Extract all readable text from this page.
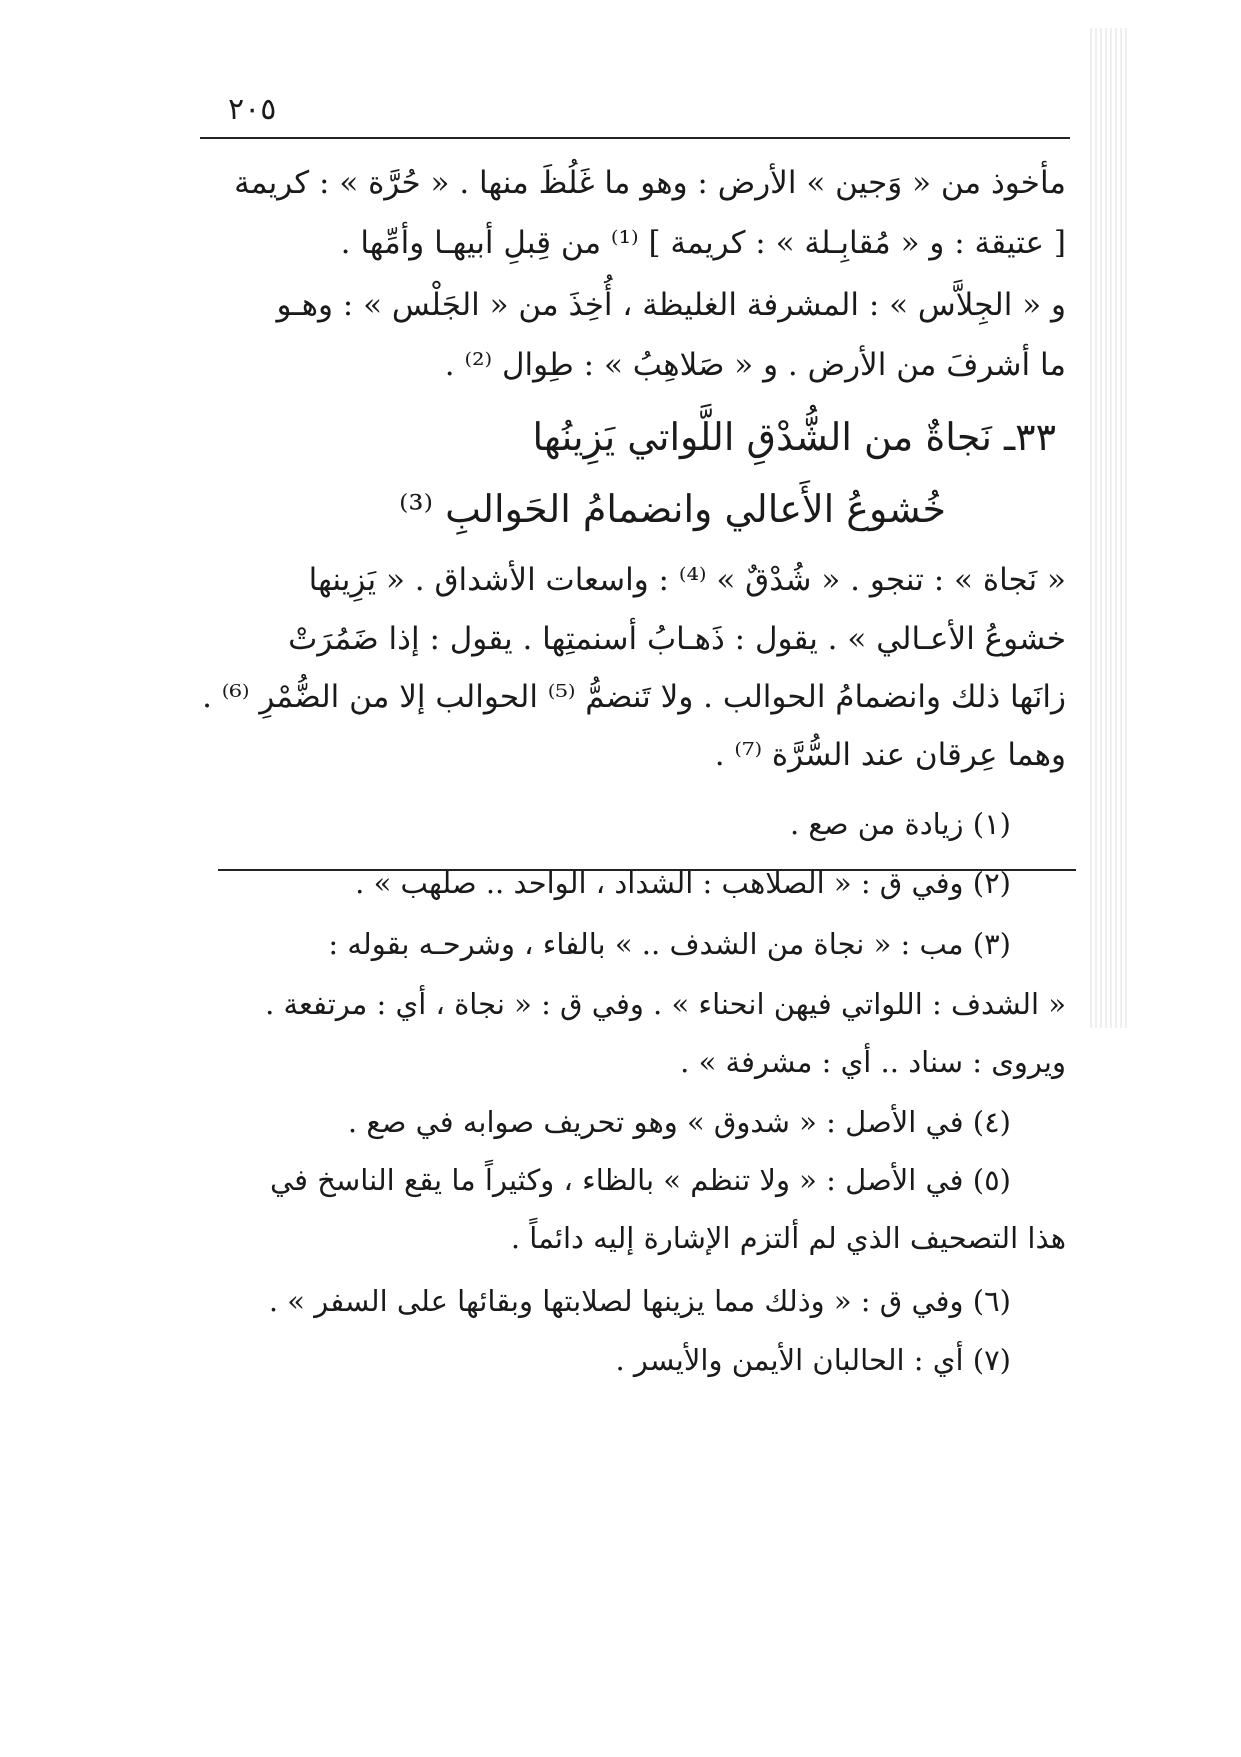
٢٠٥
مأخوذ من « وَجين » الأرض : وهو ما غَلُظَ منها . « حُرَّة » : كريمة
[ عتيقة : و « مُقابِـلة » : كريمة ] ⁽¹⁾ من قِبلِ أبيهـا وأمِّها .
و « الجِلاَّس » : المشرفة الغليظة ، أُخِذَ من « الجَلْس » : وهـو
ما أشرفَ من الأرض . و « صَلاهِبُ » : طِوال ⁽²⁾ .
٣٣ـ نَجاةٌ من الشُّدْقِ اللَّواتي يَزِينُها
خُشوعُ الأَعالي وانضمامُ الحَوالبِ ⁽³⁾
« نَجاة » : تنجو . « شُدْقٌ » ⁽⁴⁾ : واسعات الأشداق . « يَزِينها
خشوعُ الأعـالي » . يقول : ذَهـابُ أسنمتِها . يقول : إذا ضَمُرَتْ
زانَها ذلك وانضمامُ الحوالب . ولا تَنضمُّ ⁽⁵⁾ الحوالب إلا من الضُّمْرِ ⁽⁶⁾ .
وهما عِرقان عند السُّرَّة ⁽⁷⁾ .
(١) زيادة من صع .
(٢) وفي ق : « الصلاهب : الشداد ، الواحد .. صلهب » .
(٣) مب : « نجاة من الشدف .. » بالفاء ، وشرحـه بقوله :
« الشدف : اللواتي فيهن انحناء » . وفي ق : « نجاة ، أي : مرتفعة .
ويروى : سناد .. أي : مشرفة » .
(٤) في الأصل : « شدوق » وهو تحريف صوابه في صع .
(٥) في الأصل : « ولا تنظم » بالظاء ، وكثيراً ما يقع الناسخ في
هذا التصحيف الذي لم ألتزم الإشارة إليه دائماً .
(٦) وفي ق : « وذلك مما يزينها لصلابتها وبقائها على السفر » .
(٧) أي : الحالبان الأيمن والأيسر .
